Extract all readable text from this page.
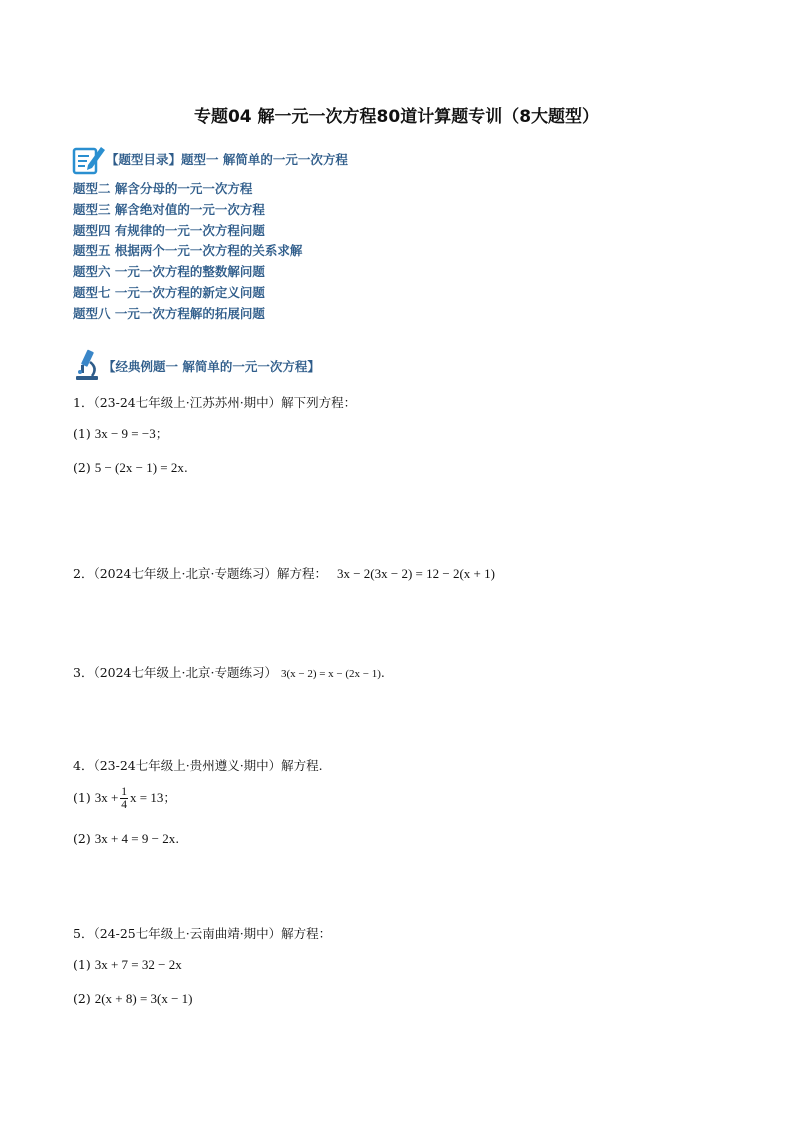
专题04 解一元一次方程80道计算题专训（8大题型）
【题型目录】题型一 解简单的一元一次方程
题型二 解含分母的一元一次方程
题型三 解含绝对值的一元一次方程
题型四 有规律的一元一次方程问题
题型五 根据两个一元一次方程的关系求解
题型六 一元一次方程的整数解问题
题型七 一元一次方程的新定义问题
题型八 一元一次方程解的拓展问题
【经典例题一 解简单的一元一次方程】
1．（23-24七年级上·江苏苏州·期中）解下列方程：
(1) 3x − 9 = −3；
(2) 5 − (2x − 1) = 2x.
2．（2024七年级上·北京·专题练习）解方程： 3x − 2(3x − 2) = 12 − 2(x + 1)
3．（2024七年级上·北京·专题练习） 3(x − 2) = x − (2x − 1).
4．（23-24七年级上·贵州遵义·期中）解方程.
(1) $3x + \frac{1}{4}$ x = 13；
(2) 3x + 4 = 9 − 2x.
5．（24-25七年级上·云南曲靖·期中）解方程：
(1) 3x + 7 = 32 − 2x
(2) 2(x + 8) = 3(x − 1)
